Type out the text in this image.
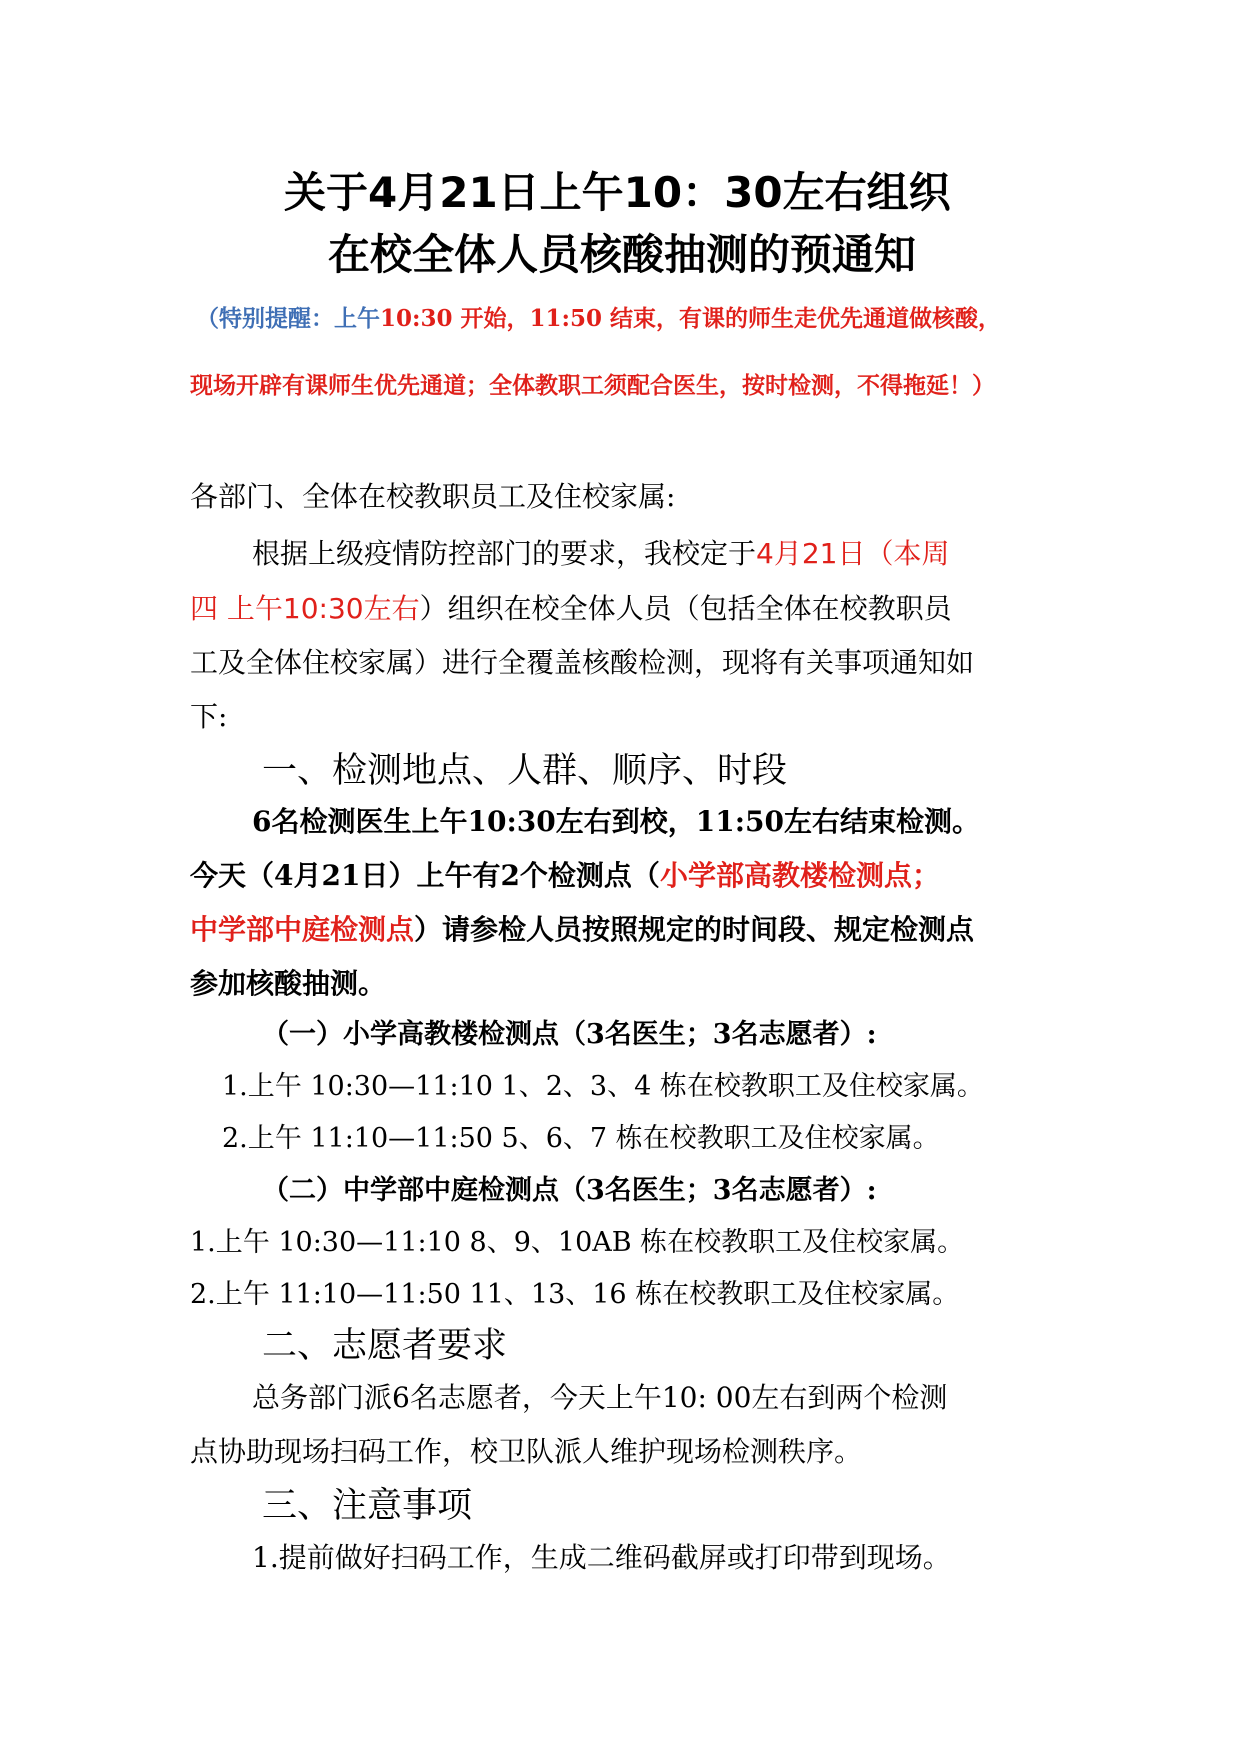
关于4月21日上午10：30左右组织
在校全体人员核酸抽测的预通知
（特别提醒：上午10:30 开始，11:50 结束，有课的师生走优先通道做核酸，
现场开辟有课师生优先通道；全体教职工须配合医生，按时检测，不得拖延！）
各部门、全体在校教职员工及住校家属:
根据上级疫情防控部门的要求，我校定于4月21日（本周
四 上午10:30左右）组织在校全体人员（包括全体在校教职员
工及全体住校家属）进行全覆盖核酸检测，现将有关事项通知如
下:
一、检测地点、人群、顺序、时段
6名检测医生上午10:30左右到校，11:50左右结束检测。
今天（4月21日）上午有2个检测点（小学部高教楼检测点；
中学部中庭检测点）请参检人员按照规定的时间段、规定检测点
参加核酸抽测。
（一）小学高教楼检测点（3名医生；3名志愿者）:
1.上午 10:30—11:10 1、2、3、4 栋在校教职工及住校家属。
2.上午 11:10—11:50 5、6、7 栋在校教职工及住校家属。
（二）中学部中庭检测点（3名医生；3名志愿者）:
1.上午 10:30—11:10 8、9、10AB 栋在校教职工及住校家属。
2.上午 11:10—11:50 11、13、16 栋在校教职工及住校家属。
二、志愿者要求
总务部门派6名志愿者，今天上午10: 00左右到两个检测
点协助现场扫码工作，校卫队派人维护现场检测秩序。
三、注意事项
1.提前做好扫码工作，生成二维码截屏或打印带到现场。
